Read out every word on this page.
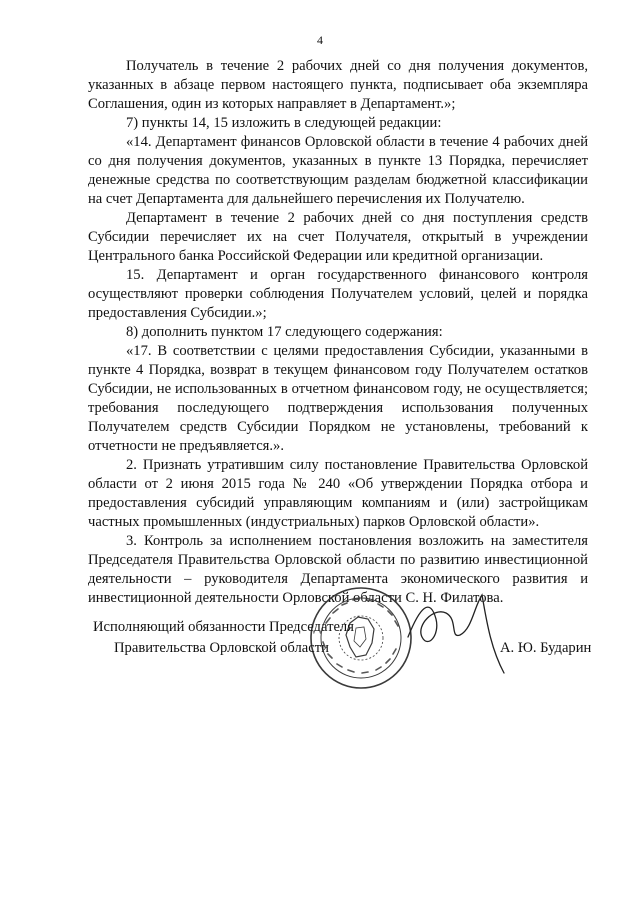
4

Получатель в течение 2 рабочих дней со дня получения документов, указанных в абзаце первом настоящего пункта, подписывает оба экземпляра Соглашения, один из которых направляет в Департамент.»;

7) пункты 14, 15 изложить в следующей редакции:

«14. Департамент финансов Орловской области в течение 4 рабочих дней со дня получения документов, указанных в пункте 13 Порядка, перечисляет денежные средства по соответствующим разделам бюджетной классификации на счет Департамента для дальнейшего перечисления их Получателю.

Департамент в течение 2 рабочих дней со дня поступления средств Субсидии перечисляет их на счет Получателя, открытый в учреждении Центрального банка Российской Федерации или кредитной организации.

15. Департамент и орган государственного финансового контроля осуществляют проверки соблюдения Получателем условий, целей и порядка предоставления Субсидии.»;

8) дополнить пунктом 17 следующего содержания:

«17. В соответствии с целями предоставления Субсидии, указанными в пункте 4 Порядка, возврат в текущем финансовом году Получателем остатков Субсидии, не использованных в отчетном финансовом году, не осуществляется; требования последующего подтверждения использования полученных Получателем средств Субсидии Порядком не установлены, требований к отчетности не предъявляется.».

2. Признать утратившим силу постановление Правительства Орловской области от 2 июня 2015 года № 240 «Об утверждении Порядка отбора и предоставления субсидий управляющим компаниям и (или) застройщикам частных промышленных (индустриальных) парков Орловской области».

3. Контроль за исполнением постановления возложить на заместителя Председателя Правительства Орловской области по развитию инвестиционной деятельности – руководителя Департамента экономического развития и инвестиционной деятельности Орловской области С. Н. Филатова.

Исполняющий обязанности Председателя
Правительства Орловской области	А. Ю. Бударин
